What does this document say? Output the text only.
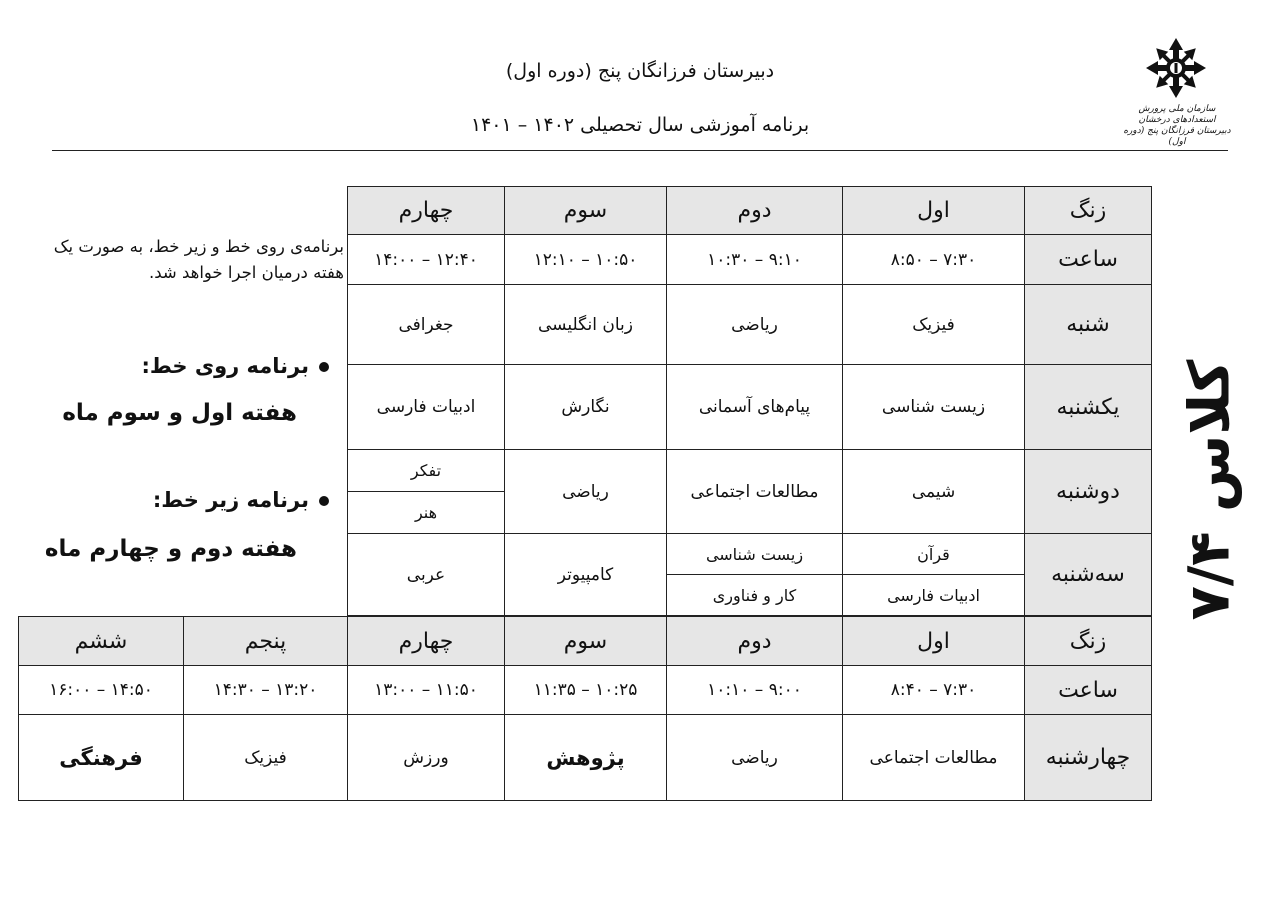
سازمان ملی پرورش استعدادهای درخشان
دبیرستان فرزانگان پنج (دوره اول)
دبیرستان فرزانگان پنج (دوره اول)
برنامه آموزشی سال تحصیلی ۱۴۰۲ – ۱۴۰۱
کلاس ۷/۴
چهارم	سوم	دوم	اول	زنگ
۱۲:۴۰ – ۱۴:۰۰	۱۰:۵۰ – ۱۲:۱۰	۹:۱۰ – ۱۰:۳۰	۷:۳۰ – ۸:۵۰	ساعت
جغرافی	زبان انگلیسی	ریاضی	فیزیک	شنبه
ادبیات فارسی	نگارش	پیام‌های آسمانی	زیست شناسی	یکشنبه
تفکر	ریاضی	مطالعات اجتماعی	شیمی	دوشنبه
هنر				
عربی	کامپیوتر	زیست شناسی	قرآن	سه‌شنبه
		کار و فناوری	ادبیات فارسی	
ششم	پنجم	چهارم	سوم	دوم	اول	زنگ
۱۴:۵۰ – ۱۶:۰۰	۱۳:۲۰ – ۱۴:۳۰	۱۱:۵۰ – ۱۳:۰۰	۱۰:۲۵ – ۱۱:۳۵	۹:۰۰ – ۱۰:۱۰	۷:۳۰ – ۸:۴۰	ساعت
فرهنگی	فیزیک	ورزش	پژوهش	ریاضی	مطالعات اجتماعی	چهارشنبه
برنامه‌ی روی خط و زیر خط، به صورت یک هفته درمیان اجرا خواهد شد.
برنامه روی خط:
هفته اول و سوم ماه
برنامه زیر خط:
هفته دوم و چهارم ماه
